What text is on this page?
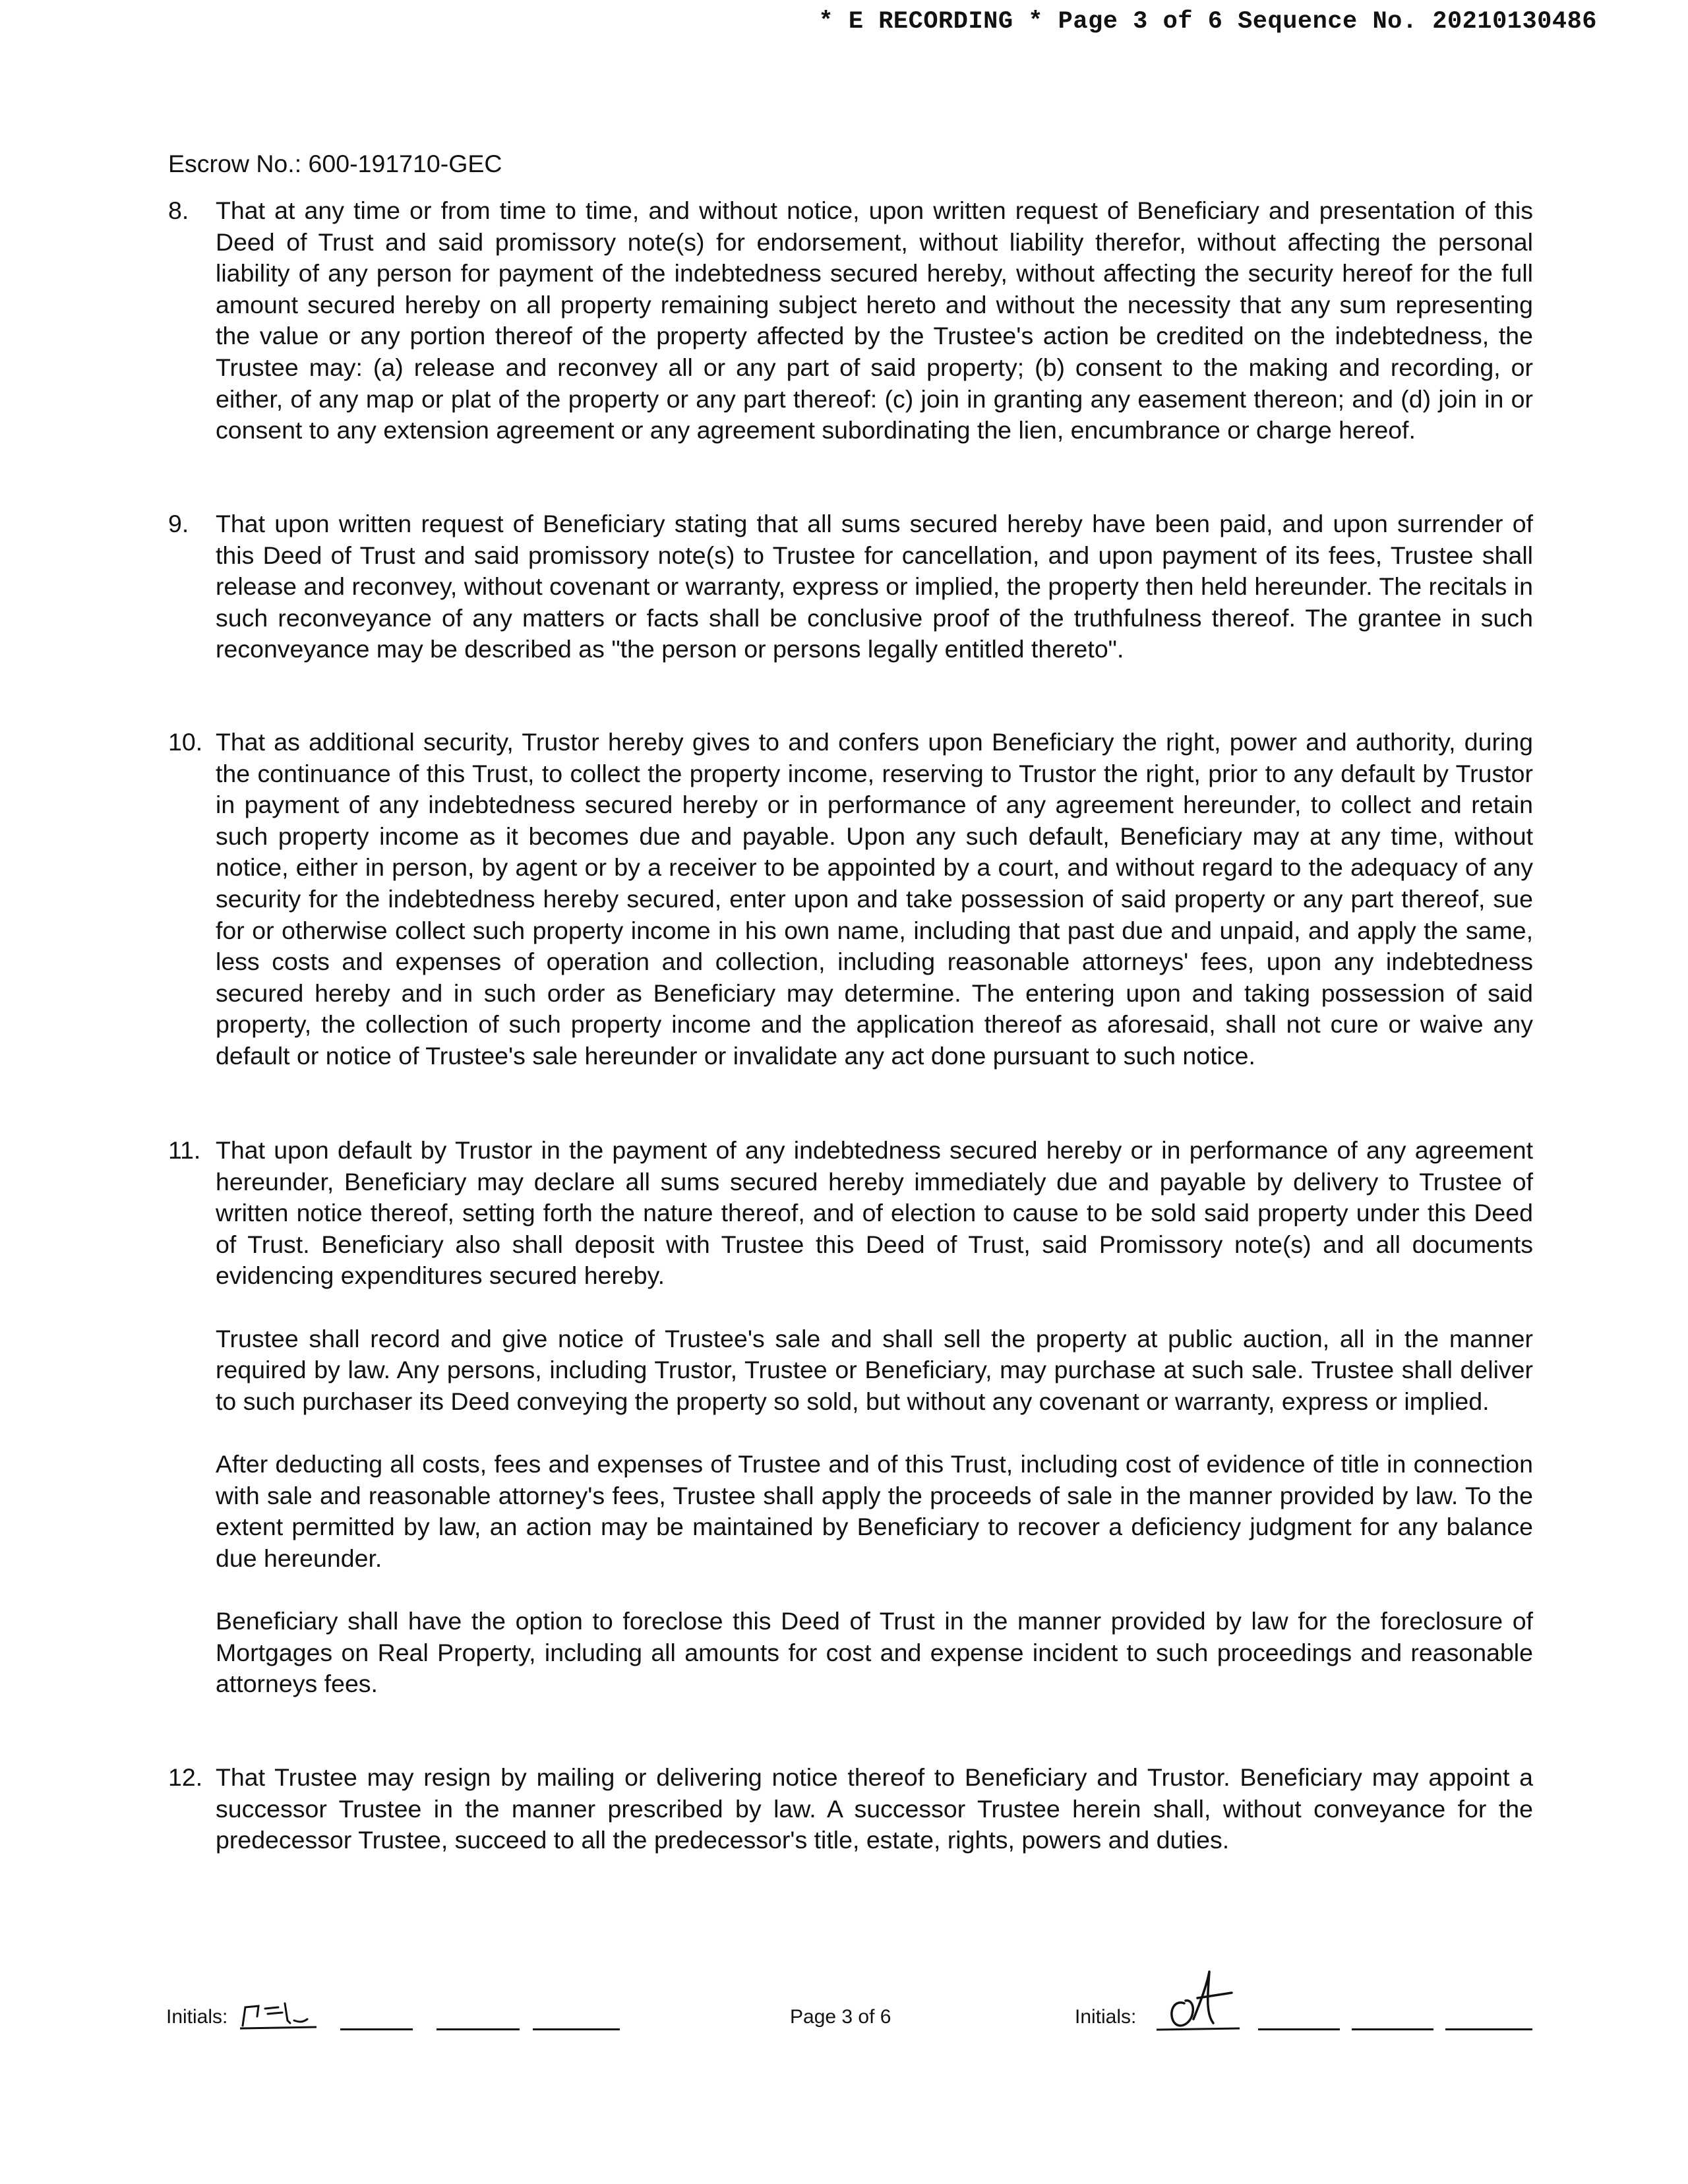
* E RECORDING * Page 3 of 6 Sequence No. 20210130486
Escrow No.: 600-191710-GEC
8. That at any time or from time to time, and without notice, upon written request of Beneficiary and presentation of this Deed of Trust and said promissory note(s) for endorsement, without liability therefor, without affecting the personal liability of any person for payment of the indebtedness secured hereby, without affecting the security hereof for the full amount secured hereby on all property remaining subject hereto and without the necessity that any sum representing the value or any portion thereof of the property affected by the Trustee's action be credited on the indebtedness, the Trustee may: (a) release and reconvey all or any part of said property; (b) consent to the making and recording, or either, of any map or plat of the property or any part thereof: (c) join in granting any easement thereon; and (d) join in or consent to any extension agreement or any agreement subordinating the lien, encumbrance or charge hereof.

9. That upon written request of Beneficiary stating that all sums secured hereby have been paid, and upon surrender of this Deed of Trust and said promissory note(s) to Trustee for cancellation, and upon payment of its fees, Trustee shall release and reconvey, without covenant or warranty, express or implied, the property then held hereunder. The recitals in such reconveyance of any matters or facts shall be conclusive proof of the truthfulness thereof. The grantee in such reconveyance may be described as "the person or persons legally entitled thereto".

10. That as additional security, Trustor hereby gives to and confers upon Beneficiary the right, power and authority, during the continuance of this Trust, to collect the property income, reserving to Trustor the right, prior to any default by Trustor in payment of any indebtedness secured hereby or in performance of any agreement hereunder, to collect and retain such property income as it becomes due and payable. Upon any such default, Beneficiary may at any time, without notice, either in person, by agent or by a receiver to be appointed by a court, and without regard to the adequacy of any security for the indebtedness hereby secured, enter upon and take possession of said property or any part thereof, sue for or otherwise collect such property income in his own name, including that past due and unpaid, and apply the same, less costs and expenses of operation and collection, including reasonable attorneys' fees, upon any indebtedness secured hereby and in such order as Beneficiary may determine. The entering upon and taking possession of said property, the collection of such property income and the application thereof as aforesaid, shall not cure or waive any default or notice of Trustee's sale hereunder or invalidate any act done pursuant to such notice.

11. That upon default by Trustor in the payment of any indebtedness secured hereby or in performance of any agreement hereunder, Beneficiary may declare all sums secured hereby immediately due and payable by delivery to Trustee of written notice thereof, setting forth the nature thereof, and of election to cause to be sold said property under this Deed of Trust. Beneficiary also shall deposit with Trustee this Deed of Trust, said Promissory note(s) and all documents evidencing expenditures secured hereby.

Trustee shall record and give notice of Trustee's sale and shall sell the property at public auction, all in the manner required by law. Any persons, including Trustor, Trustee or Beneficiary, may purchase at such sale. Trustee shall deliver to such purchaser its Deed conveying the property so sold, but without any covenant or warranty, express or implied.

After deducting all costs, fees and expenses of Trustee and of this Trust, including cost of evidence of title in connection with sale and reasonable attorney's fees, Trustee shall apply the proceeds of sale in the manner provided by law. To the extent permitted by law, an action may be maintained by Beneficiary to recover a deficiency judgment for any balance due hereunder.

Beneficiary shall have the option to foreclose this Deed of Trust in the manner provided by law for the foreclosure of Mortgages on Real Property, including all amounts for cost and expense incident to such proceedings and reasonable attorneys fees.

12. That Trustee may resign by mailing or delivering notice thereof to Beneficiary and Trustor. Beneficiary may appoint a successor Trustee in the manner prescribed by law. A successor Trustee herein shall, without conveyance for the predecessor Trustee, succeed to all the predecessor's title, estate, rights, powers and duties.

Initials:	Page 3 of 6	Initials:
